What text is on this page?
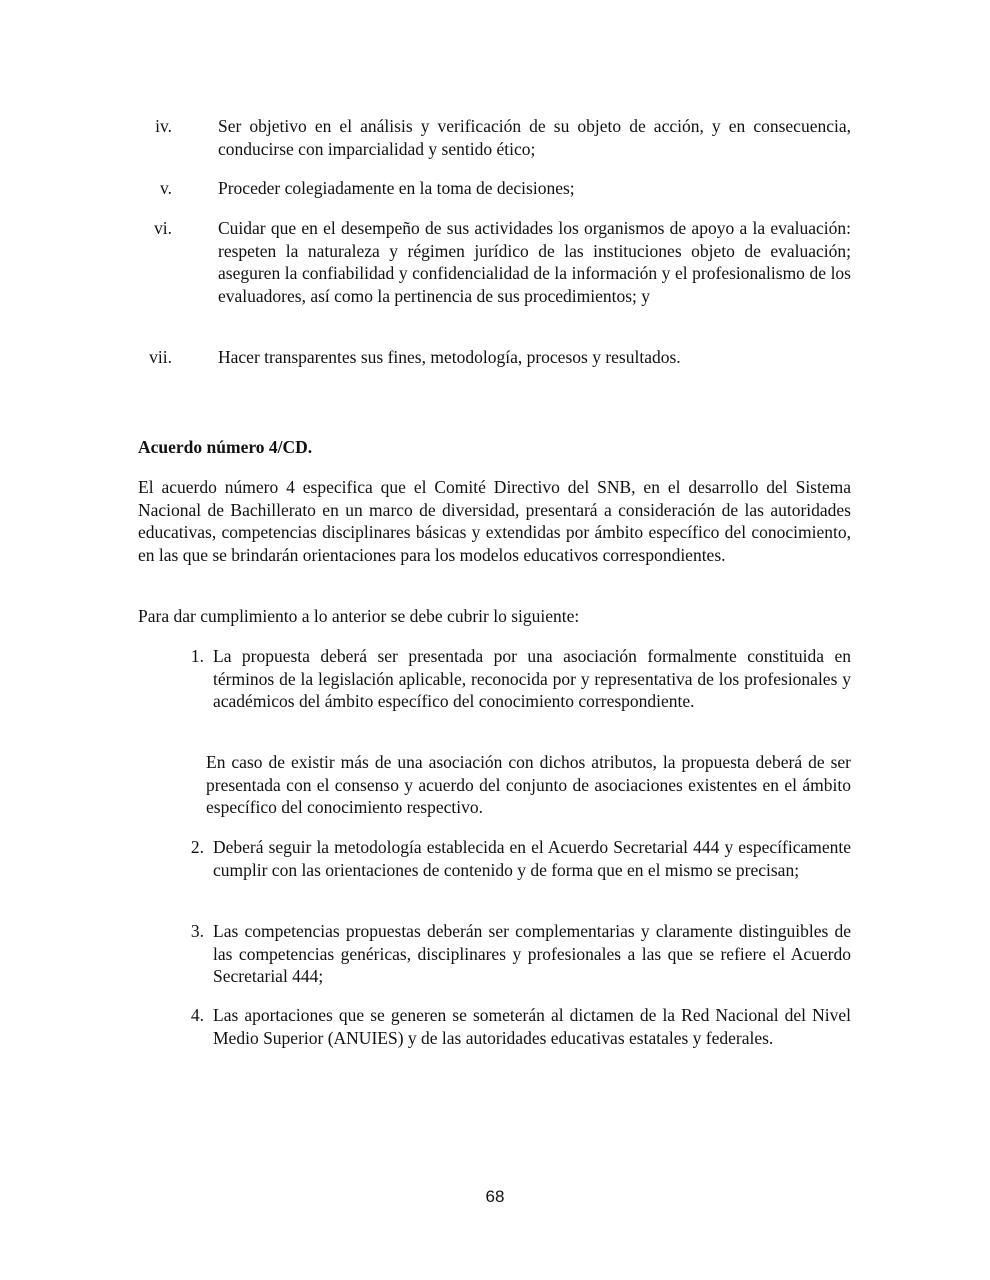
iv.	Ser objetivo en el análisis y verificación de su objeto de acción, y en consecuencia, conducirse con imparcialidad y sentido ético;
v.	Proceder colegiadamente en la toma de decisiones;
vi.	Cuidar que en el desempeño de sus actividades los organismos de apoyo a la evaluación: respeten la naturaleza y régimen jurídico de las instituciones objeto de evaluación; aseguren la confiabilidad y confidencialidad de la información y el profesionalismo de los evaluadores, así como la pertinencia de sus procedimientos; y
vii.	Hacer transparentes sus fines, metodología, procesos y resultados.
Acuerdo número 4/CD.
El acuerdo número 4 especifica que el Comité Directivo del SNB, en el desarrollo del Sistema Nacional de Bachillerato en un marco de diversidad, presentará a consideración de las autoridades educativas, competencias disciplinares básicas y extendidas por ámbito específico del conocimiento, en las que se brindarán orientaciones para los modelos educativos correspondientes.
Para dar cumplimiento a lo anterior se debe cubrir lo siguiente:
1. La propuesta deberá ser presentada por una asociación formalmente constituida en términos de la legislación aplicable, reconocida por y representativa de los profesionales y académicos del ámbito específico del conocimiento correspondiente.
En caso de existir más de una asociación con dichos atributos, la propuesta deberá de ser presentada con el consenso y acuerdo del conjunto de asociaciones existentes en el ámbito específico del conocimiento respectivo.
2. Deberá seguir la metodología establecida en el Acuerdo Secretarial 444 y específicamente cumplir con las orientaciones de contenido y de forma que en el mismo se precisan;
3. Las competencias propuestas deberán ser complementarias y claramente distinguibles de las competencias genéricas, disciplinares y profesionales a las que se refiere el Acuerdo Secretarial 444;
4. Las aportaciones que se generen se someterán al dictamen de la Red Nacional del Nivel Medio Superior (ANUIES) y de las autoridades educativas estatales y federales.
68
